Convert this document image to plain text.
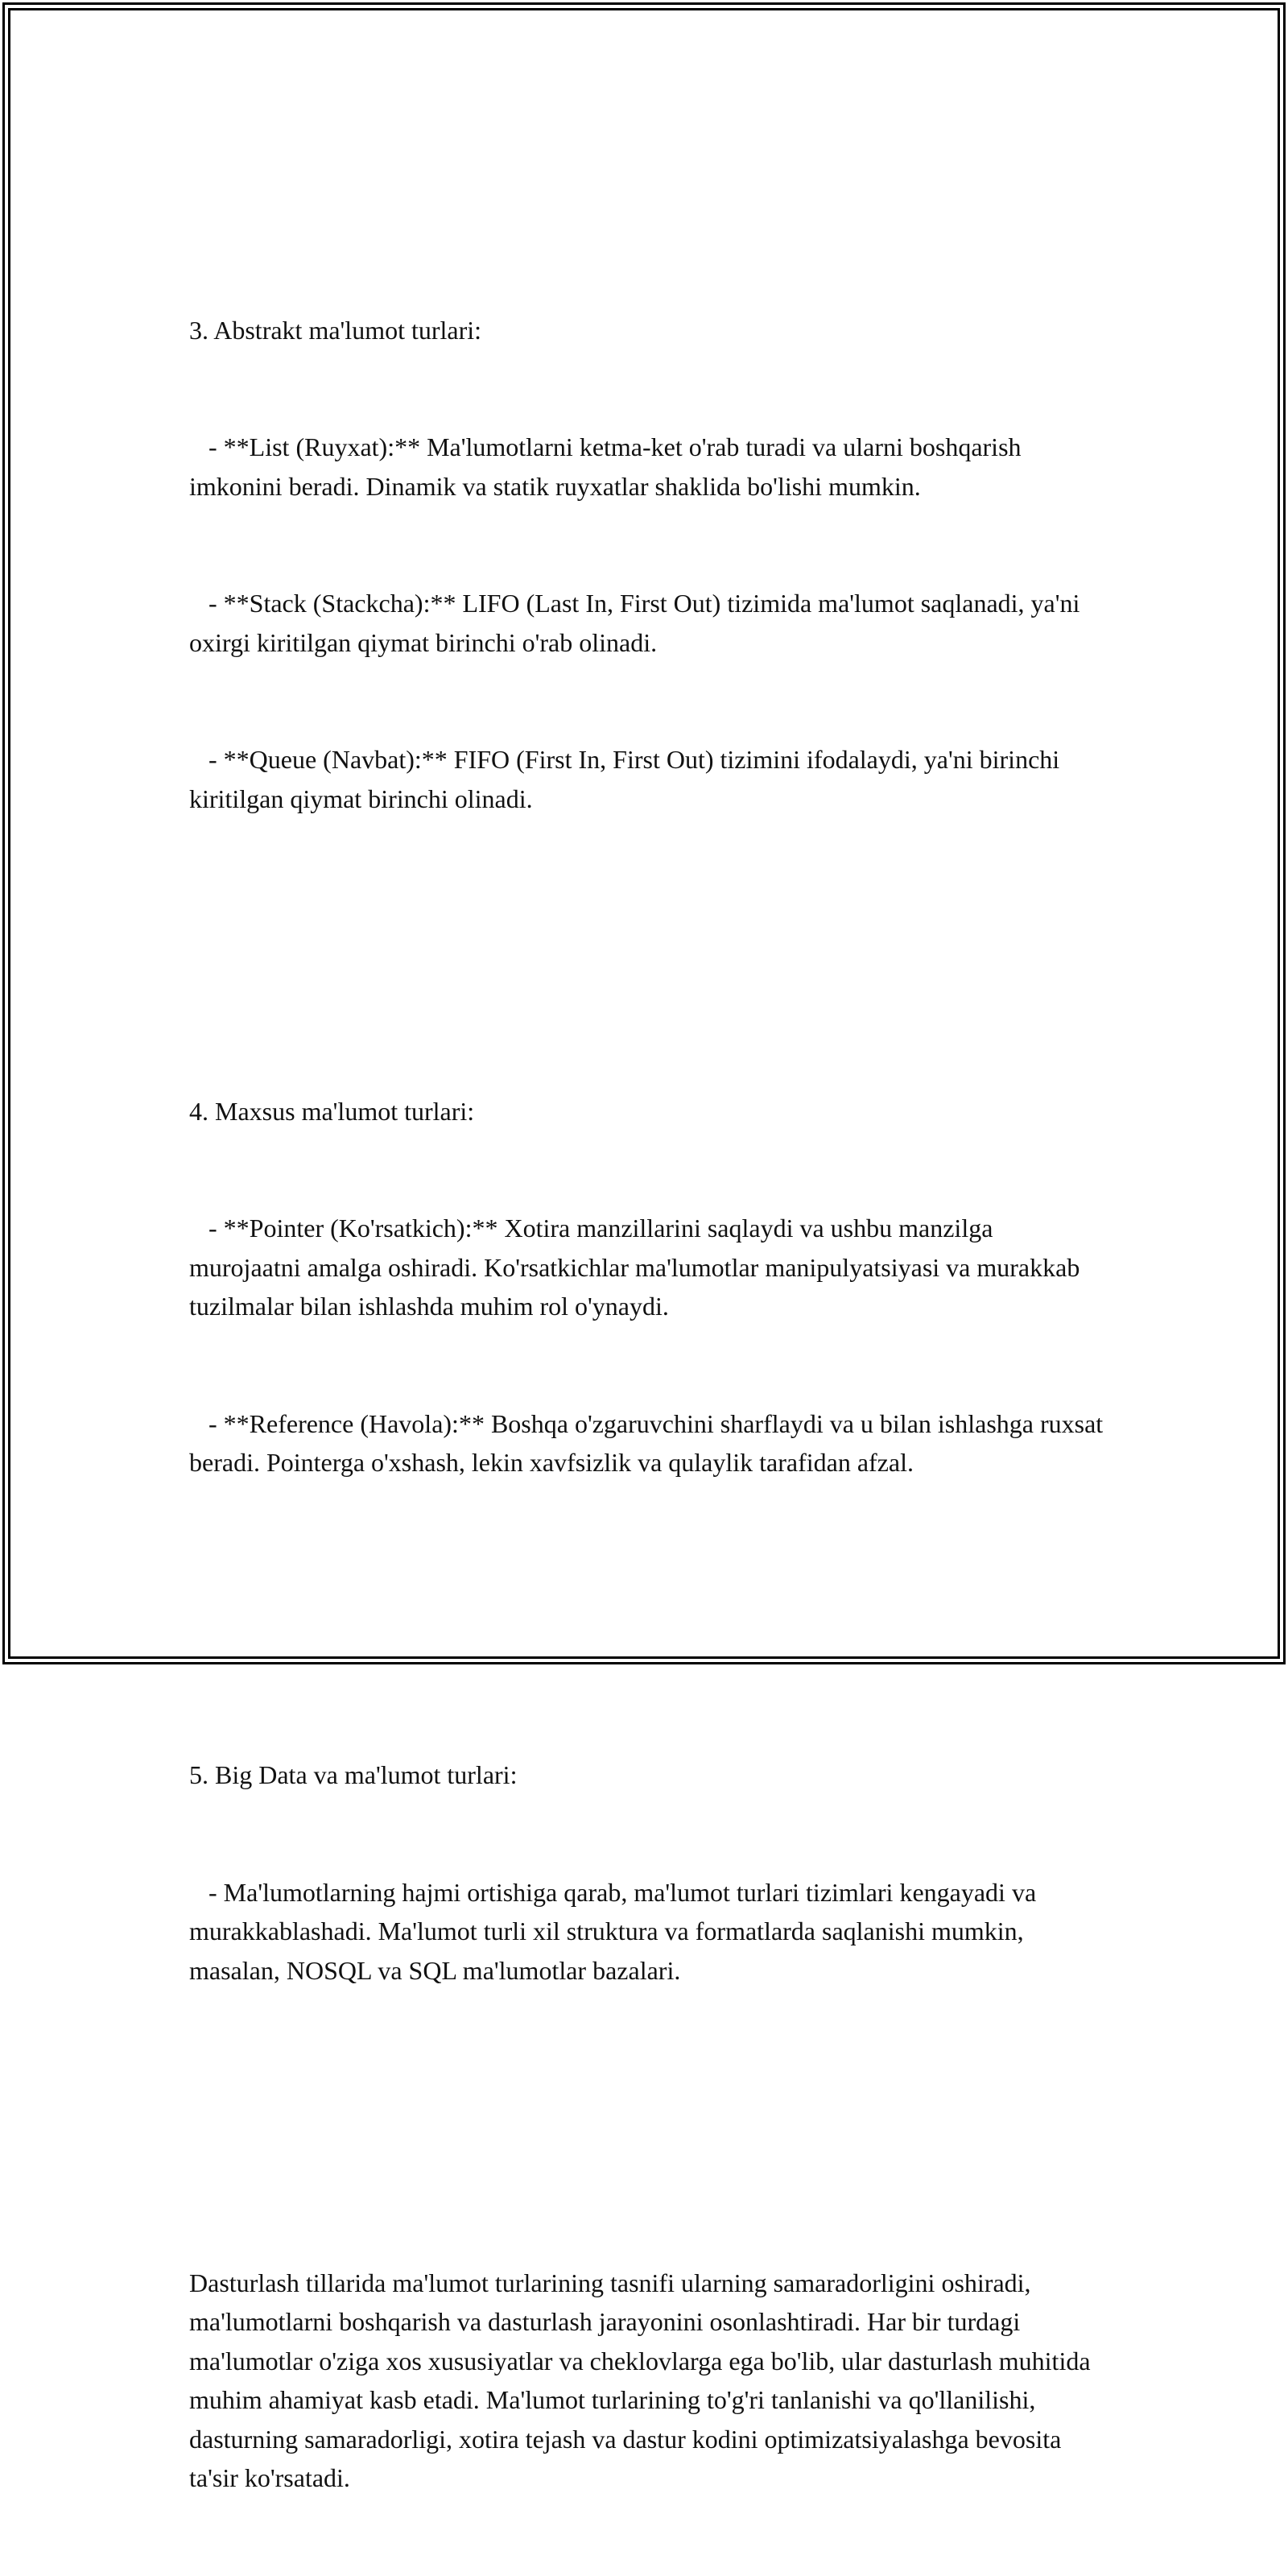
3. Abstrakt ma'lumot turlari:

- **List (Ruyxat):** Ma'lumotlarni ketma-ket o'rab turadi va ularni boshqarish imkonini beradi. Dinamik va statik ruyxatlar shaklida bo'lishi mumkin.

- **Stack (Stackcha):** LIFO (Last In, First Out) tizimida ma'lumot saqlanadi, ya'ni oxirgi kiritilgan qiymat birinchi o'rab olinadi.

- **Queue (Navbat):** FIFO (First In, First Out) tizimini ifodalaydi, ya'ni birinchi kiritilgan qiymat birinchi olinadi.

4. Maxsus ma'lumot turlari:

- **Pointer (Ko'rsatkich):** Xotira manzillarini saqlaydi va ushbu manzilga murojaatni amalga oshiradi. Ko'rsatkichlar ma'lumotlar manipulyatsiyasi va murakkab tuzilmalar bilan ishlashda muhim rol o'ynaydi.

- **Reference (Havola):** Boshqa o'zgaruvchini sharflaydi va u bilan ishlashga ruxsat beradi. Pointerga o'xshash, lekin xavfsizlik va qulaylik tarafidan afzal.

5. Big Data va ma'lumot turlari:

- Ma'lumotlarning hajmi ortishiga qarab, ma'lumot turlari tizimlari kengayadi va murakkablashadi. Ma'lumot turli xil struktura va formatlarda saqlanishi mumkin, masalan, NOSQL va SQL ma'lumotlar bazalari.

Dasturlash tillarida ma'lumot turlarining tasnifi ularning samaradorligini oshiradi, ma'lumotlarni boshqarish va dasturlash jarayonini osonlashtiradi. Har bir turdagi ma'lumotlar o'ziga xos xususiyatlar va cheklovlarga ega bo'lib, ular dasturlash muhitida muhim ahamiyat kasb etadi. Ma'lumot turlarining to'g'ri tanlanishi va qo'llanilishi, dasturning samaradorligi, xotira tejash va dastur kodini optimizatsiyalashga bevosita ta'sir ko'rsatadi.
